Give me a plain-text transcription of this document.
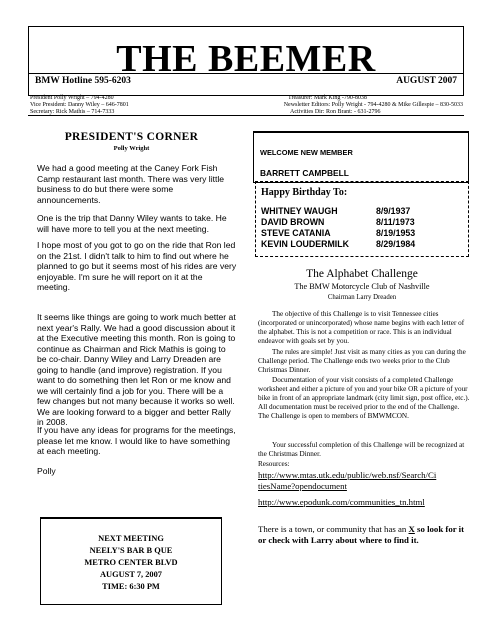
THE BEEMER
BMW Hotline 595-6203	AUGUST 2007
President Polly Wright – 794-4280
Vice President: Danny Wiley – 646-7801
Secretary: Rick Mathis – 714-7333
Treasurer: Mark King -790-8038
Newsletter Editors: Polly Wright - 794-4280 & Mike Gillespie – 830-5033
Activities Dir: Ron Brant: - 631-2796
PRESIDENT'S CORNER
Polly Wright
We had a good meeting at the Caney Fork Fish Camp restaurant last month. There was very little business to do but there were some announcements.
One is the trip that Danny Wiley wants to take. He will have more to tell you at the next meeting.
I hope most of you got to go on the ride that Ron led on the 21st. I didn't talk to him to find out where he planned to go but it seems most of his rides are very enjoyable. I'm sure he will report on it at the meeting.
It seems like things are going to work much better at next year's Rally. We had a good discussion about it at the Executive meeting this month. Ron is going to continue as Chairman and Rick Mathis is going to be co-chair. Danny Wiley and Larry Dreaden are going to handle (and improve) registration. If you want to do something then let Ron or me know and we will certainly find a job for you. There will be a few changes but not many because it works so well. We are looking forward to a bigger and better Rally in 2008.
If you have any ideas for programs for the meetings, please let me know. I would like to have something at each meeting.
Polly
NEXT MEETING
NEELY'S BAR B QUE
METRO CENTER BLVD
AUGUST 7, 2007
TIME: 6:30 PM
WELCOME NEW MEMBER
BARRETT CAMPBELL
Happy Birthday To:
WHITNEY WAUGH	8/9/1937
DAVID BROWN	8/11/1973
STEVE CATANIA	8/19/1953
KEVIN LOUDERMILK	8/29/1984
The Alphabet Challenge
The BMW Motorcycle Club of Nashville
Chairman Larry Dreaden
The objective of this Challenge is to visit Tennessee cities (incorporated or unincorporated) whose name begins with each letter of the alphabet. This is not a competition or race. This is an individual endeavor with goals set by you.
The rules are simple! Just visit as many cities as you can during the Challenge period. The Challenge ends two weeks prior to the Club Christmas Dinner.
Documentation of your visit consists of a completed Challenge worksheet and either a picture of you and your bike OR a picture of your bike in front of an appropriate landmark (city limit sign, post office, etc.). All documentation must be received prior to the end of the Challenge. The Challenge is open to members of BMWMCON.
Your successful completion of this Challenge will be recognized at the Christmas Dinner.
Resources:
http://www.mtas.utk.edu/public/web.nsf/Search/Ci
tiesName?opendocument
http://www.epodunk.com/communities_tn.html
There is a town, or community that has an X so look for it or check with Larry about where to find it.
